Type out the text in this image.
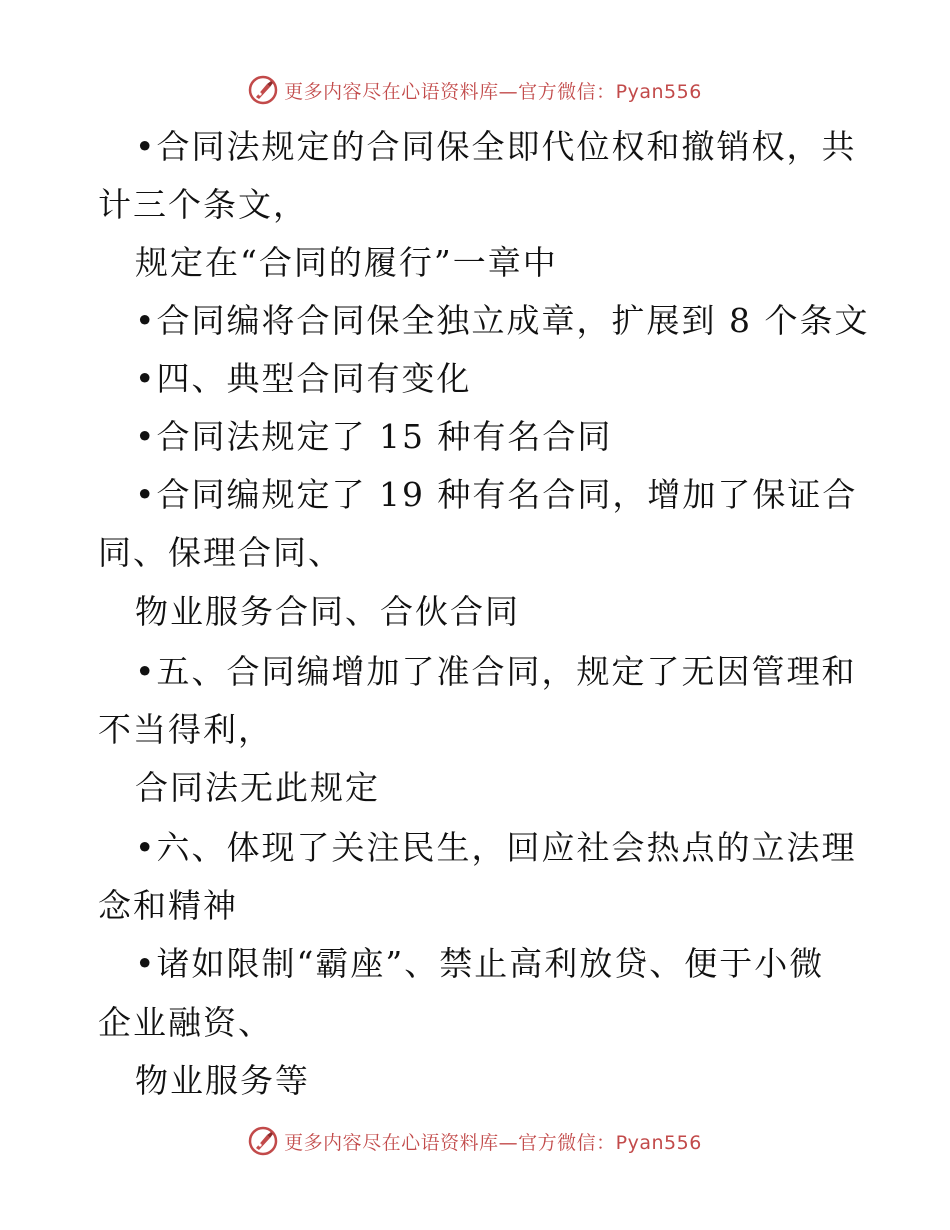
更多内容尽在心语资料库—官方微信：Pyan556
•合同法规定的合同保全即代位权和撤销权，共
计三个条文，
规定在“合同的履行”一章中
•合同编将合同保全独立成章，扩展到 8 个条文
•四、典型合同有变化
•合同法规定了 15 种有名合同
•合同编规定了 19 种有名合同，增加了保证合
同、保理合同、
物业服务合同、合伙合同
•五、合同编增加了准合同，规定了无因管理和
不当得利，
合同法无此规定
•六、体现了关注民生，回应社会热点的立法理
念和精神
•诸如限制“霸座”、禁止高利放贷、便于小微
企业融资、
物业服务等
更多内容尽在心语资料库—官方微信：Pyan556
